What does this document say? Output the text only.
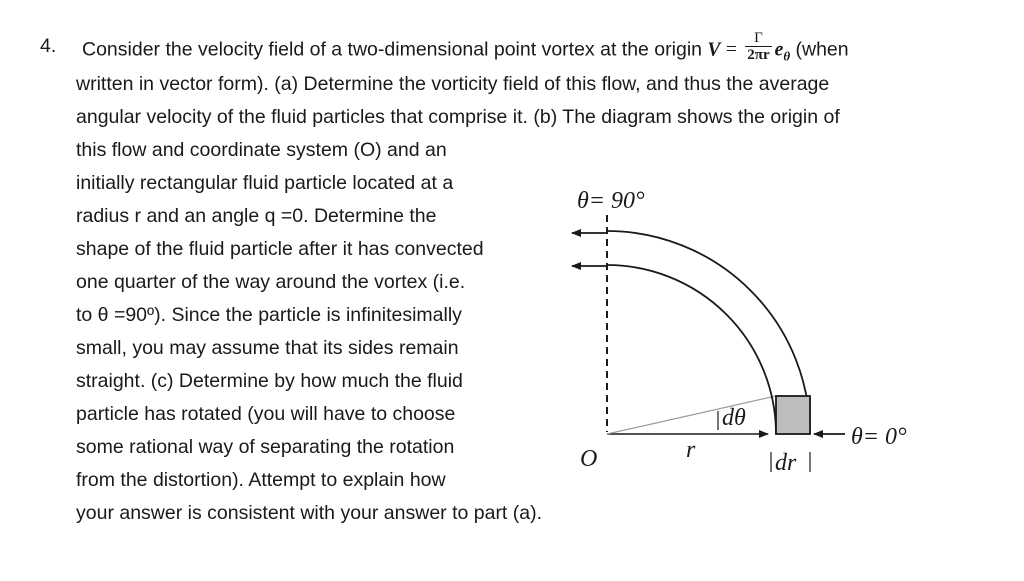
4. Consider the velocity field of a two-dimensional point vortex at the origin $V = \frac{\Gamma}{2\pi r} e_\theta$ (when
written in vector form). (a) Determine the vorticity field of this flow, and thus the average
angular velocity of the fluid particles that comprise it. (b) The diagram shows the origin of
this flow and coordinate system (O) and an
initially rectangular fluid particle located at a
radius r and an angle q =0. Determine the
shape of the fluid particle after it has convected
one quarter of the way around the vortex (i.e.
to θ =90º). Since the particle is infinitesimally
small, you may assume that its sides remain
straight. (c) Determine by how much the fluid
particle has rotated (you will have to choose
some rational way of separating the rotation
from the distortion). Attempt to explain how
your answer is consistent with your answer to part (a).
θ= 90°
θ= 0°
O	r
dθ
dr
